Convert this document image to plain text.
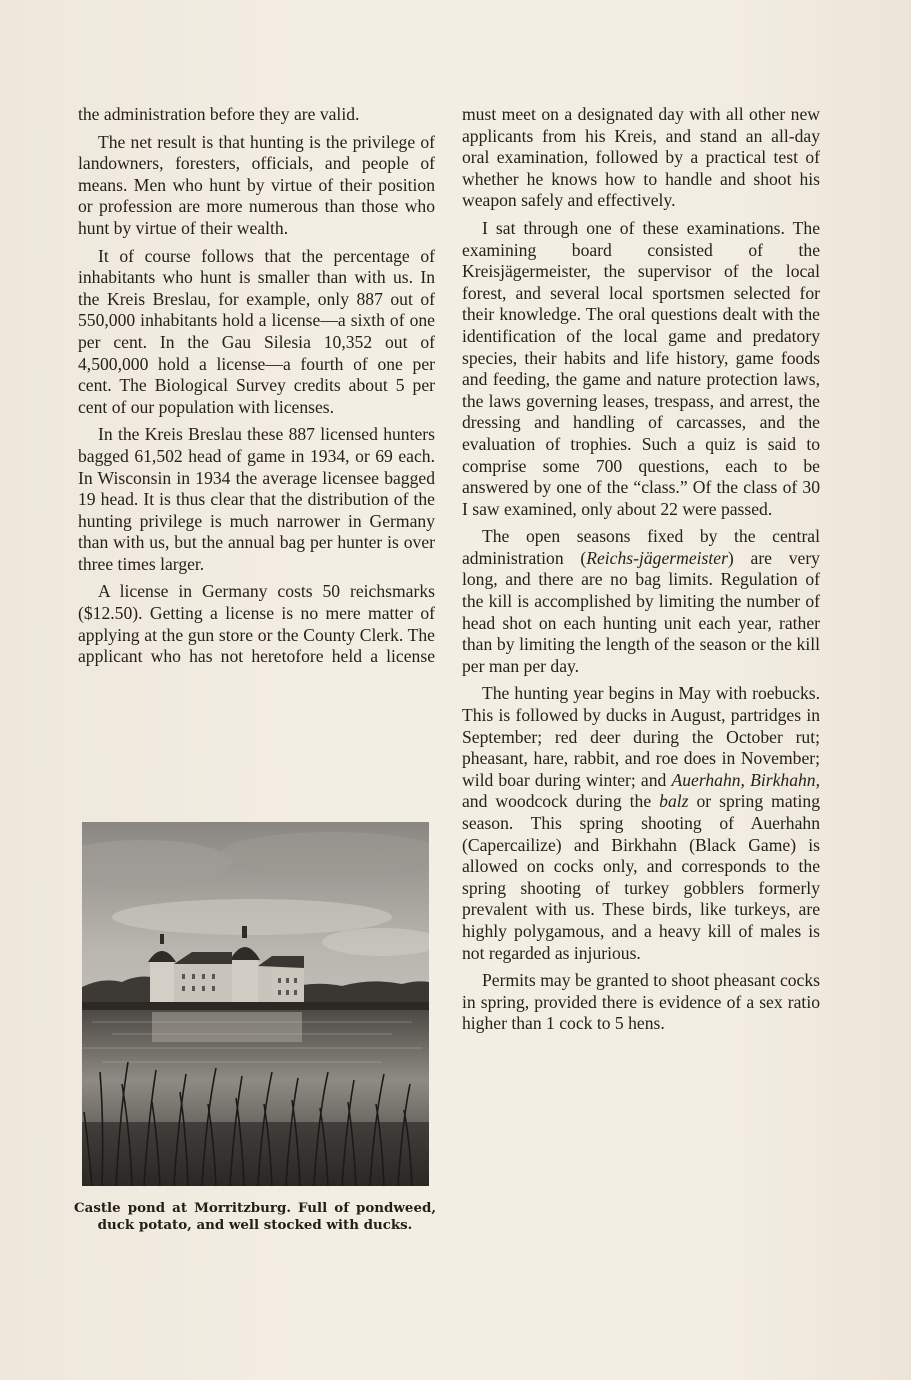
the administration before they are valid.

The net result is that hunting is the privilege of landowners, foresters, officials, and people of means. Men who hunt by virtue of their position or profession are more numerous than those who hunt by virtue of their wealth.

It of course follows that the percentage of inhabitants who hunt is smaller than with us. In the Kreis Breslau, for example, only 887 out of 550,000 inhabitants hold a license—a sixth of one per cent. In the Gau Silesia 10,352 out of 4,500,000 hold a license—a fourth of one per cent. The Biological Survey credits about 5 per cent of our population with licenses.

In the Kreis Breslau these 887 licensed hunters bagged 61,502 head of game in 1934, or 69 each. In Wisconsin in 1934 the average licensee bagged 19 head. It is thus clear that the distribution of the hunting privilege is much narrower in Germany than with us, but the annual bag per hunter is over three times larger.

A license in Germany costs 50 reichsmarks ($12.50). Getting a license is no mere matter of applying at the gun store or the County Clerk. The applicant who has not heretofore held a license

Castle pond at Morritzburg. Full of pondweed, duck potato, and well stocked with ducks.

must meet on a designated day with all other new applicants from his Kreis, and stand an all-day oral examination, followed by a practical test of whether he knows how to handle and shoot his weapon safely and effectively.

I sat through one of these examinations. The examining board consisted of the Kreisjägermeister, the supervisor of the local forest, and several local sportsmen selected for their knowledge. The oral questions dealt with the identification of the local game and predatory species, their habits and life history, game foods and feeding, the game and nature protection laws, the laws governing leases, trespass, and arrest, the dressing and handling of carcasses, and the evaluation of trophies. Such a quiz is said to comprise some 700 questions, each to be answered by one of the “class.” Of the class of 30 I saw examined, only about 22 were passed.

The open seasons fixed by the central administration (Reichs-jägermeister) are very long, and there are no bag limits. Regulation of the kill is accomplished by limiting the number of head shot on each hunting unit each year, rather than by limiting the length of the season or the kill per man per day.

The hunting year begins in May with roebucks. This is followed by ducks in August, partridges in September; red deer during the October rut; pheasant, hare, rabbit, and roe does in November; wild boar during winter; and Auerhahn, Birkhahn, and woodcock during the balz or spring mating season. This spring shooting of Auerhahn (Capercailize) and Birkhahn (Black Game) is allowed on cocks only, and corresponds to the spring shooting of turkey gobblers formerly prevalent with us. These birds, like turkeys, are highly polygamous, and a heavy kill of males is not regarded as injurious.

Permits may be granted to shoot pheasant cocks in spring, provided there is evidence of a sex ratio higher than 1 cock to 5 hens.
